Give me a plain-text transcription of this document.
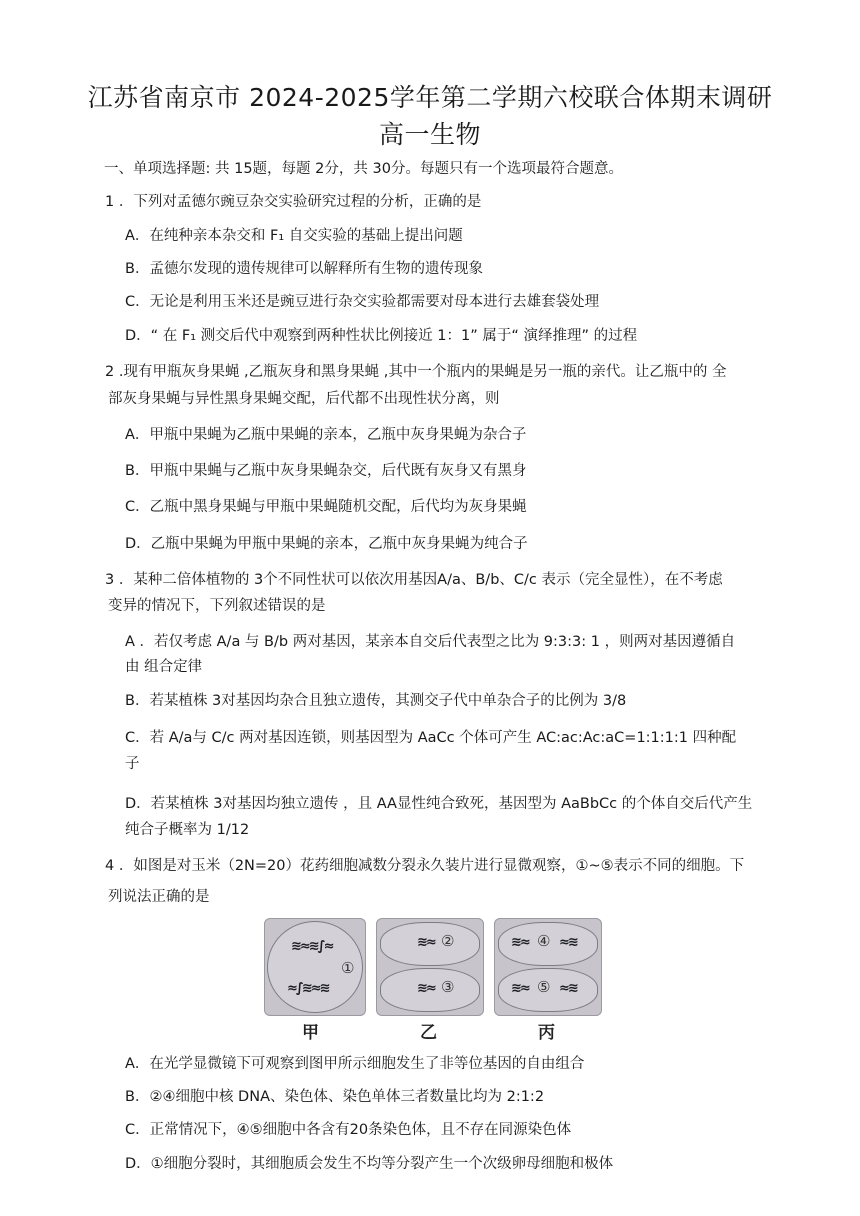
江苏省南京市 2024-2025学年第二学期六校联合体期末调研
高一生物
一、单项选择题: 共 15题，每题 2分，共 30分。每题只有一个选项最符合题意。
1 ．下列对孟德尔豌豆杂交实验研究过程的分析，正确的是
A．在纯种亲本杂交和 F₁ 自交实验的基础上提出问题
B．孟德尔发现的遗传规律可以解释所有生物的遗传现象
C．无论是利用玉米还是豌豆进行杂交实验都需要对母本进行去雄套袋处理
D．“ 在 F₁ 测交后代中观察到两种性状比例接近 1：1” 属于“ 演绎推理” 的过程
2 .现有甲瓶灰身果蝇 ,乙瓶灰身和黑身果蝇 ,其中一个瓶内的果蝇是另一瓶的亲代。让乙瓶中的 全
部灰身果蝇与异性黑身果蝇交配，后代都不出现性状分离，则
A．甲瓶中果蝇为乙瓶中果蝇的亲本，乙瓶中灰身果蝇为杂合子
B．甲瓶中果蝇与乙瓶中灰身果蝇杂交，后代既有灰身又有黑身
C．乙瓶中黑身果蝇与甲瓶中果蝇随机交配，后代均为灰身果蝇
D．乙瓶中果蝇为甲瓶中果蝇的亲本，乙瓶中灰身果蝇为纯合子
3 ．某种二倍体植物的 3个不同性状可以依次用基因A/a、B/b、C/c 表示（完全显性），在不考虑
变异的情况下，下列叙述错误的是
A ．若仅考虑 A/a 与 B/b 两对基因，某亲本自交后代表型之比为 9:3:3: 1 ，则两对基因遵循自
由 组合定律
B．若某植株 3对基因均杂合且独立遗传，其测交子代中单杂合子的比例为 3/8
C．若 A/a与 C/c 两对基因连锁，则基因型为 AaCc 个体可产生 AC:ac:Ac:aC=1:1:1:1 四种配
子
D．若某植株 3对基因均独立遗传 ，且 AA显性纯合致死，基因型为 AaBbCc 的个体自交后代产生
纯合子概率为 1/12
4 ．如图是对玉米（2N=20）花药细胞减数分裂永久装片进行显微观察，①~⑤表示不同的细胞。下
列说法正确的是
≋≈≋∫≈
≈∫≋≈≋
①
≋≈
≋≈
②
③
≋≈ ≈≋
≋≈ ≈≋
④
⑤
甲	乙	丙
A．在光学显微镜下可观察到图甲所示细胞发生了非等位基因的自由组合
B．②④细胞中核 DNA、染色体、染色单体三者数量比均为 2:1:2
C．正常情况下，④⑤细胞中各含有20条染色体，且不存在同源染色体
D．①细胞分裂时，其细胞质会发生不均等分裂产生一个次级卵母细胞和极体
